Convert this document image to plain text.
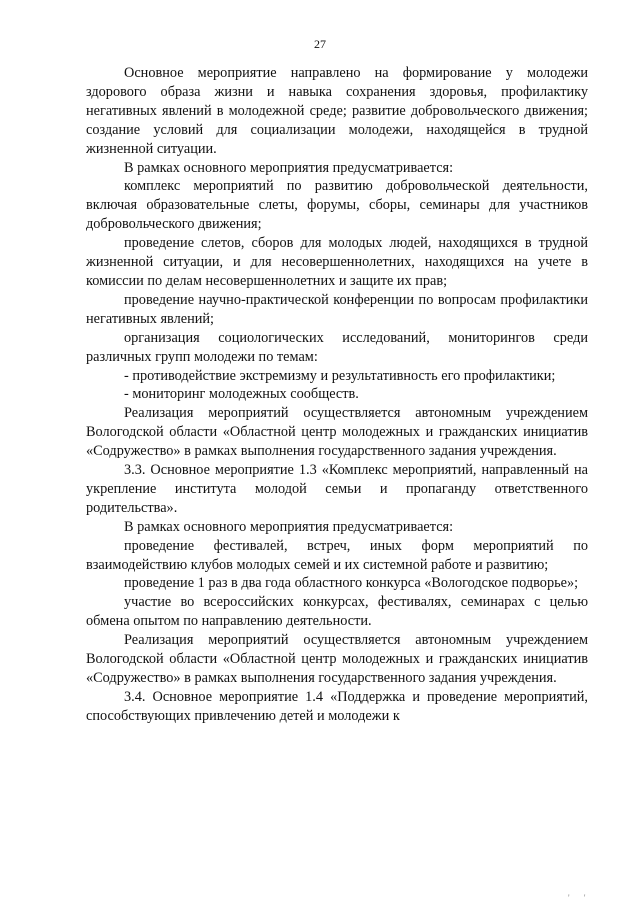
27

Основное мероприятие направлено на формирование у молодежи здорового образа жизни и навыка сохранения здоровья, профилактику негативных явлений в молодежной среде; развитие добровольческого движения; создание условий для социализации молодежи, находящейся в трудной жизненной ситуации.

В рамках основного мероприятия предусматривается:

комплекс мероприятий по развитию добровольческой деятельности, включая образовательные слеты, форумы, сборы, семинары для участников добровольческого движения;

проведение слетов, сборов для молодых людей, находящихся в трудной жизненной ситуации, и для несовершеннолетних, находящихся на учете в комиссии по делам несовершеннолетних и защите их прав;

проведение научно-практической конференции по вопросам профилактики негативных явлений;

организация социологических исследований, мониторингов среди различных групп молодежи по темам:

- противодействие экстремизму и результативность его профилактики;

- мониторинг молодежных сообществ.

Реализация мероприятий осуществляется автономным учреждением Вологодской области «Областной центр молодежных и гражданских инициатив «Содружество» в рамках выполнения государственного задания учреждения.

3.3. Основное мероприятие 1.3 «Комплекс мероприятий, направленный на укрепление института молодой семьи и пропаганду ответственного родительства».

В рамках основного мероприятия предусматривается:

проведение фестивалей, встреч, иных форм мероприятий по взаимодействию клубов молодых семей и их системной работе и развитию;

проведение 1 раз в два года областного конкурса «Вологодское подворье»;

участие во всероссийских конкурсах, фестивалях, семинарах с целью обмена опытом по направлению деятельности.

Реализация мероприятий осуществляется автономным учреждением Вологодской области «Областной центр молодежных и гражданских инициатив «Содружество» в рамках выполнения государственного задания учреждения.

3.4. Основное мероприятие 1.4 «Поддержка и проведение мероприятий, способствующих привлечению детей и молодежи к

' '
